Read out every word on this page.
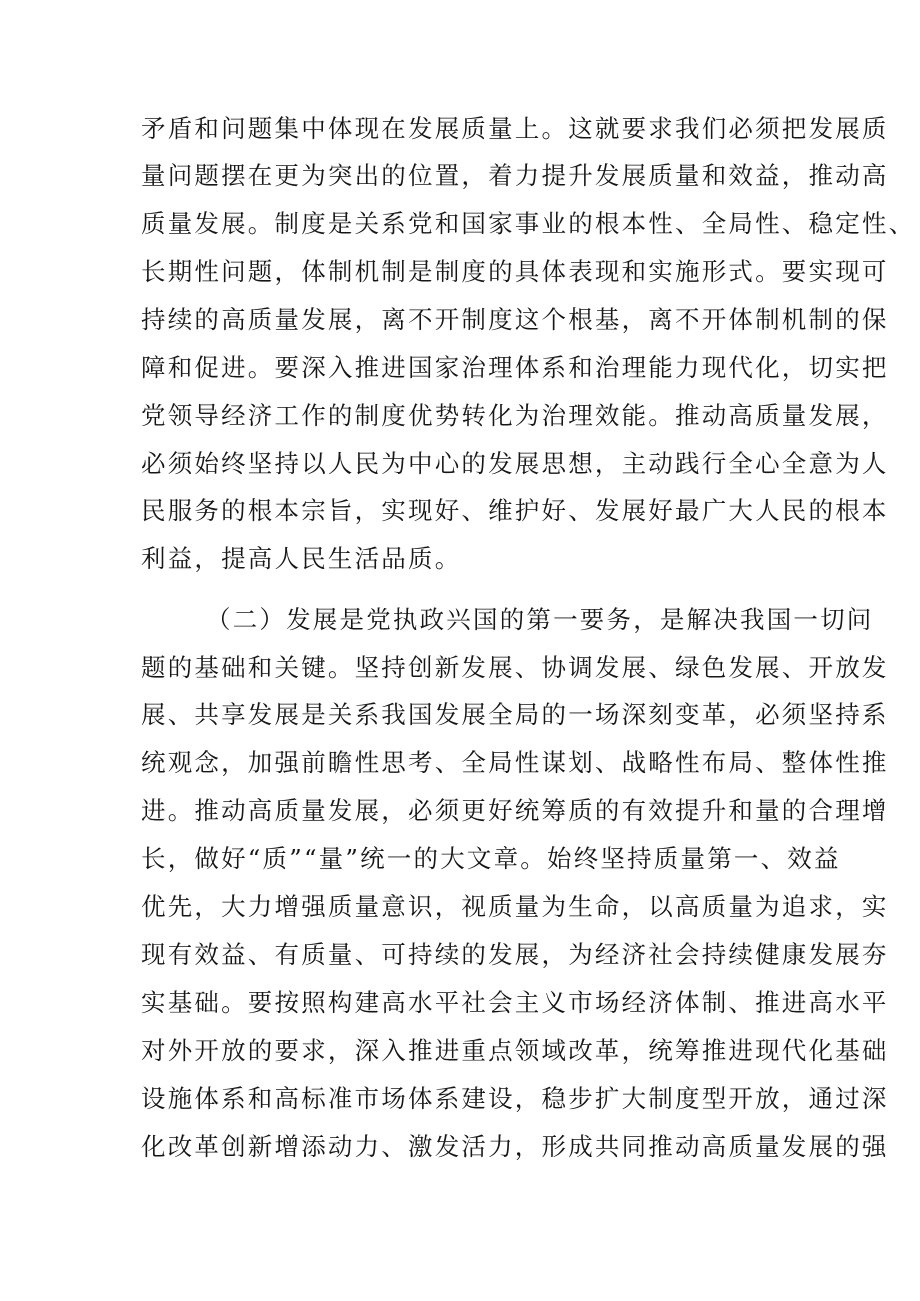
矛盾和问题集中体现在发展质量上。这就要求我们必须把发展质
量问题摆在更为突出的位置，着力提升发展质量和效益，推动高
质量发展。制度是关系党和国家事业的根本性、全局性、稳定性、
长期性问题，体制机制是制度的具体表现和实施形式。要实现可
持续的高质量发展，离不开制度这个根基，离不开体制机制的保
障和促进。要深入推进国家治理体系和治理能力现代化，切实把
党领导经济工作的制度优势转化为治理效能。推动高质量发展，
必须始终坚持以人民为中心的发展思想，主动践行全心全意为人
民服务的根本宗旨，实现好、维护好、发展好最广大人民的根本
利益，提高人民生活品质。
（二）发展是党执政兴国的第一要务，是解决我国一切问
题的基础和关键。坚持创新发展、协调发展、绿色发展、开放发
展、共享发展是关系我国发展全局的一场深刻变革，必须坚持系
统观念，加强前瞻性思考、全局性谋划、战略性布局、整体性推
进。推动高质量发展，必须更好统筹质的有效提升和量的合理增
长，做好“质”“量”统一的大文章。始终坚持质量第一、效益
优先，大力增强质量意识，视质量为生命，以高质量为追求，实
现有效益、有质量、可持续的发展，为经济社会持续健康发展夯
实基础。要按照构建高水平社会主义市场经济体制、推进高水平
对外开放的要求，深入推进重点领域改革，统筹推进现代化基础
设施体系和高标准市场体系建设，稳步扩大制度型开放，通过深
化改革创新增添动力、激发活力，形成共同推动高质量发展的强
